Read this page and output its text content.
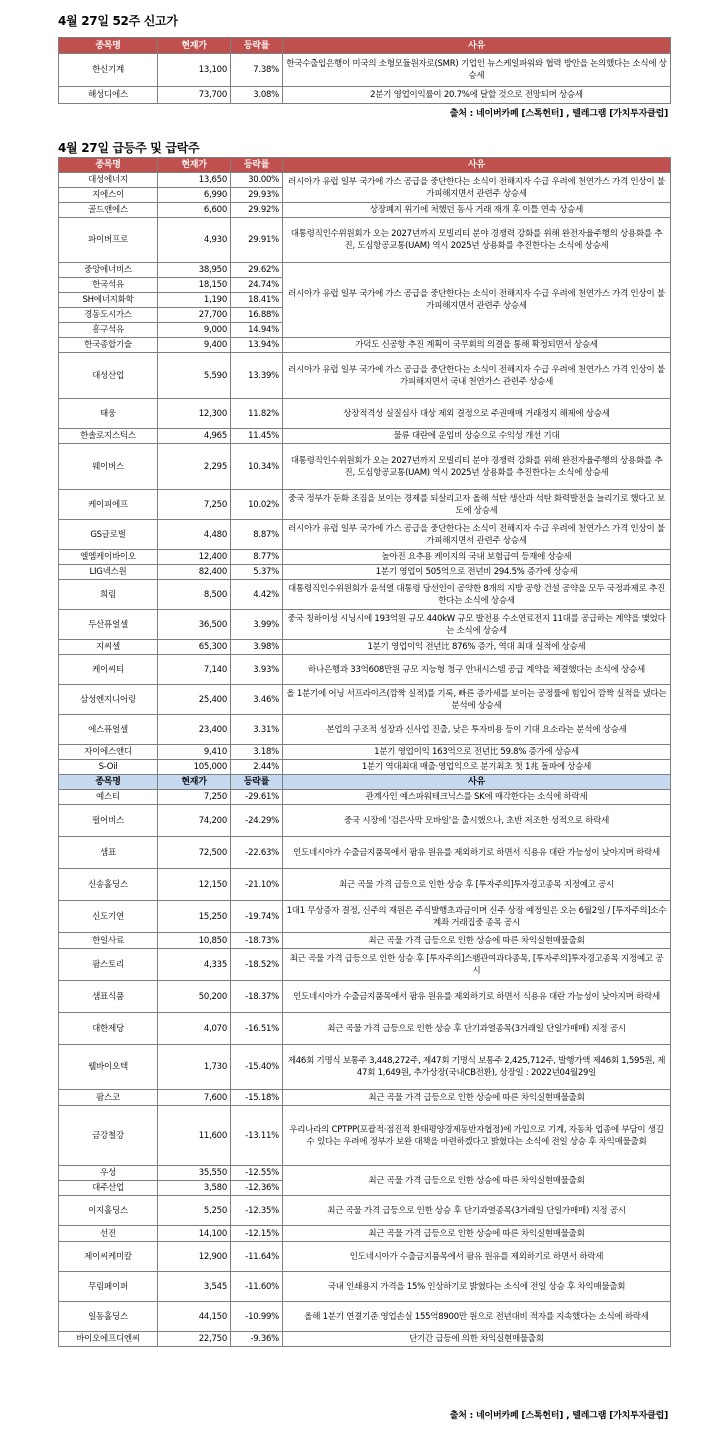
4월 27일 52주 신고가
종목명	현재가	등락률	사유
한신기계	13,100	7.38%	한국수출입은행이 미국의 소형모듈원자로(SMR) 기업인 뉴스케일파워와 협력 방안을 논의했다는 소식에 상승세
해성디에스	73,700	3.08%	2분기 영업이익률이 20.7%에 달할 것으로 전망되며 상승세
출처 : 네이버카페 [스톡헌터] , 텔레그램 [가치투자클럽]
4월 27일 급등주 및 급락주
종목명	현재가	등락률	사유
대성에너지	13,650	30.00%	러시아가 유럽 일부 국가에 가스 공급을 중단한다는 소식이 전해지자 수급 우려에 천연가스 가격 인상이 불가피해지면서 관련주 상승세
지에스이	6,990	29.93%	
골드앤에스	6,600	29.92%	상장폐지 위기에 처했던 동사 거래 재개 후 이틀 연속 상승세
파이버프로	4,930	29.91%	대통령직인수위원회가 오는 2027년까지 모빌리티 분야 경쟁력 강화를 위해 완전자율주행의 상용화를 추진, 도심항공교통(UAM) 역시 2025년 상용화를 추진한다는 소식에 상승세
중앙에너비스	38,950	29.62%	러시아가 유럽 일부 국가에 가스 공급을 중단한다는 소식이 전해지자 수급 우려에 천연가스 가격 인상이 불가피해지면서 관련주 상승세
한국석유	18,150	24.74%	
SH에너지화학	1,190	18.41%	
경동도시가스	27,700	16.88%	
흥구석유	9,000	14.94%	
한국종합기술	9,400	13.94%	가덕도 신공항 추진 계획이 국무회의 의결을 통해 확정되면서 상승세
대성산업	5,590	13.39%	러시아가 유럽 일부 국가에 가스 공급을 중단한다는 소식이 전해지자 수급 우려에 천연가스 가격 인상이 불가피해지면서 국내 천연가스 관련주 상승세
태웅	12,300	11.82%	상장적격성 실질심사 대상 제외 결정으로 주권매매 거래정지 해제에 상승세
한솔로지스틱스	4,965	11.45%	물류 대란에 운임비 상승으로 수익성 개선 기대
웨이버스	2,295	10.34%	대통령직인수위원회가 오는 2027년까지 모빌리티 분야 경쟁력 강화를 위해 완전자율주행의 상용화를 추진, 도심항공교통(UAM) 역시 2025년 상용화를 추진한다는 소식에 상승세
케이피에프	7,250	10.02%	중국 정부가 둔화 조짐을 보이는 경제를 되살리고자 올해 석탄 생산과 석탄 화력발전을 늘리기로 했다고 보도에 상승세
GS글로벌	4,480	8.87%	러시아가 유럽 일부 국가에 가스 공급을 중단한다는 소식이 전해지자 수급 우려에 천연가스 가격 인상이 불가피해지면서 관련주 상승세
엘엠케이바이오	12,400	8.77%	높아진 요추용 케이지의 국내 보험급여 등재에 상승세
LIG넥스원	82,400	5.37%	1분기 영업이 505억으로 전년비 294.5% 증가에 상승세
희림	8,500	4.42%	대통령직인수위원회가 윤석열 대통령 당선인이 공약한 8개의 지방 공항 건설 공약을 모두 국정과제로 추진한다는 소식에 상승세
두산퓨얼셀	36,500	3.99%	중국 칭하이성 시닝시에 193억원 규모 440kW 규모 발전용 수소연료전지 11대를 공급하는 계약을 맺었다는 소식에 상승세
지씨셀	65,300	3.98%	1분기 영업이익 전년比 876% 증가, 역대 최대 실적에 상승세
케이씨티	7,140	3.93%	하나은행과 33억608만원 규모 지능형 청구 안내시스템 공급 계약을 체결했다는 소식에 상승세
삼성엔지니어링	25,400	3.46%	올 1분기에 어닝 서프라이즈(깜짝 실적)를 기록, 빠른 증가세를 보이는 공정률에 힘입어 깜짝 실적을 냈다는 분석에 상승세
에스퓨얼셀	23,400	3.31%	본업의 구조적 성장과 신사업 진출, 낮은 투자비용 등이 기대 요소라는 분석에 상승세
자이에스앤디	9,410	3.18%	1분기 영업이익 163억으로 전년比 59.8% 증가에 상승세
S-Oil	105,000	2.44%	1분기 역대최대 매출·영업익으로 분기최초 첫 1兆 돌파에 상승세
종목명	현재가	등락률	사유
예스티	7,250	-29.61%	관계사인 예스파워테크닉스를 SK에 매각한다는 소식에 하락세
펄어비스	74,200	-24.29%	중국 시장에 '검은사막 모바일'을 출시했으나, 초반 저조한 성적으로 하락세
샘표	72,500	-22.63%	인도네시아가 수출금지품목에서 팜유 원유를 제외하기로 하면서 식용유 대란 가능성이 낮아지며 하락세
신송홀딩스	12,150	-21.10%	최근 곡물 가격 급등으로 인한 상승 후 [투자주의]투자경고종목 지정예고 공시
신도기연	15,250	-19.74%	1대1 무상증자 결정, 신주의 재원은 주식발행초과금이며 신주 상장 예정일은 오는 6월2일 / [투자주의]소수계좌 거래집중 종목 공시
한일사료	10,850	-18.73%	최근 곡물 가격 급등으로 인한 상승에 따른 차익실현매물출회
팜스토리	4,335	-18.52%	최근 곡물 가격 급등으로 인한 상승 후 [투자주의]스팸관여과다종목, [투자주의]투자경고종목 지정예고 공시
샘표식품	50,200	-18.37%	인도네시아가 수출금지품목에서 팜유 원유를 제외하기로 하면서 식용유 대란 가능성이 낮아지며 하락세
대한제당	4,070	-16.51%	최근 곡물 가격 급등으로 인한 상승 후 단기과열종목(3거래일 단일가매매) 지정 공시
웰바이오텍	1,730	-15.40%	제46회 기명식 보통주 3,448,272주, 제47회 기명식 보통주 2,425,712주, 발행가액 제46회 1,595원, 제47회 1,649원, 추가상장(국내CB전환), 상장일 : 2022년04월29일
팜스코	7,600	-15.18%	최근 곡물 가격 급등으로 인한 상승에 따른 차익실현매물출회
금강철강	11,600	-13.11%	우리나라의 CPTPP(포괄적·점진적 환태평양경제동반자협정)에 가입으로 기계, 자동차 업종에 부담이 생길수 있다는 우려에 정부가 보완 대책을 마련하겠다고 밝혔다는 소식에 전일 상승 후 차익매물출회
우성	35,550	-12.55%	최근 곡물 가격 급등으로 인한 상승에 따른 차익실현매물출회
대주산업	3,580	-12.36%	
이지홀딩스	5,250	-12.35%	최근 곡물 가격 급등으로 인한 상승 후 단기과열종목(3거래일 단일가매매) 지정 공시
선진	14,100	-12.15%	최근 곡물 가격 급등으로 인한 상승에 따른 차익실현매물출회
제이씨케미칼	12,900	-11.64%	인도네시아가 수출금지품목에서 팜유 원유를 제외하기로 하면서 하락세
무림페이퍼	3,545	-11.60%	국내 인쇄용지 가격을 15% 인상하기로 밝혔다는 소식에 전일 상승 후 차익매물출회
일동홀딩스	44,150	-10.99%	올해 1분기 연결기준 영업손실 155억8900만 원으로 전년대비 적자를 지속했다는 소식에 하락세
바이오에프디엔씨	22,750	-9.36%	단기간 급등에 의한 차익실현매물출회
출처 : 네이버카페 [스톡헌터] , 텔레그램 [가치투자클럽]
